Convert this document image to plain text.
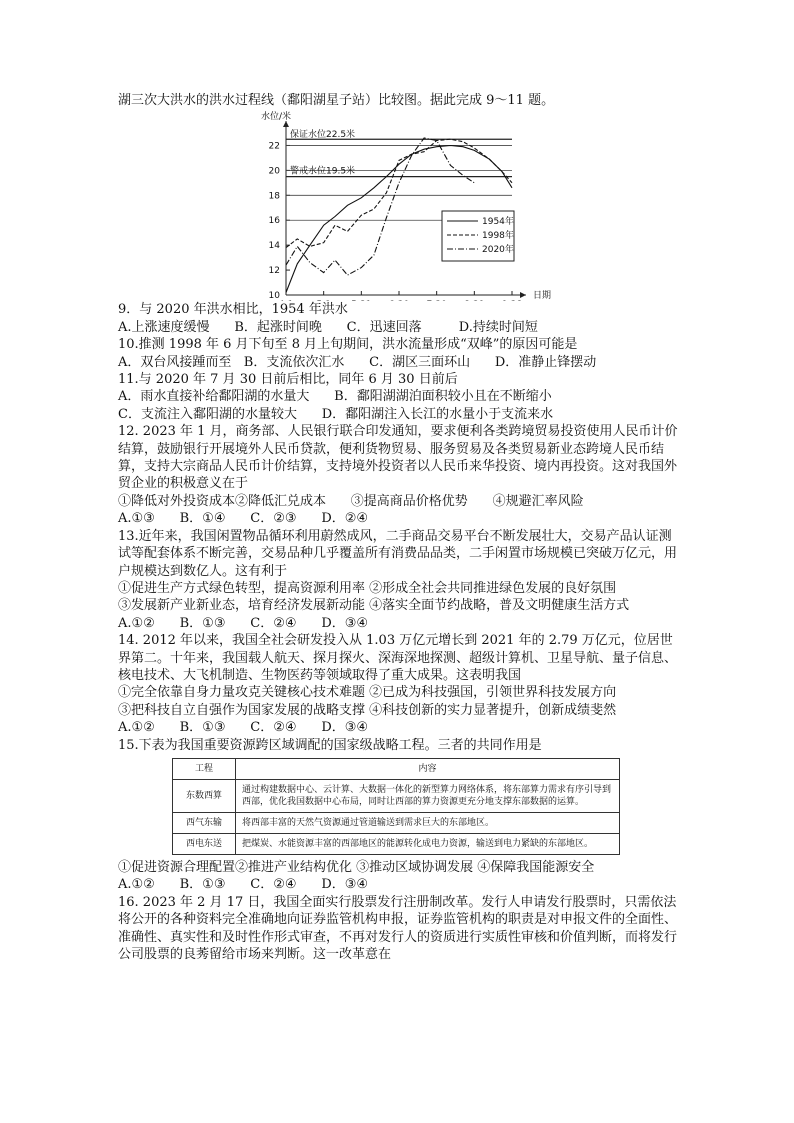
湖三次大洪水的洪水过程线（鄱阳湖星子站）比较图。据此完成 9～11 题。

水位/米
日期
10
12
14
16
18
20
22
保证水位22.5米
警戒水位19.5米
1954年
1998年
2020年

9．与 2020 年洪水相比，1954 年洪水

A.上涨速度缓慢      B．起涨时间晚      C．迅速回落         D.持续时间短

10.推测 1998 年 6 月下旬至 8 月上旬期间，洪水流量形成“双峰”的原因可能是

A．双台风接踵而至   B．支流依次汇水      C．湖区三面环山      D．准静止锋摆动

11.与 2020 年 7 月 30 日前后相比，同年 6 月 30 日前后

A．雨水直接补给鄱阳湖的水量大      B．鄱阳湖湖泊面积较小且在不断缩小

C．支流注入鄱阳湖的水量较大      D．鄱阳湖注入长江的水量小于支流来水

12. 2023 年 1 月，商务部、人民银行联合印发通知，要求便利各类跨境贸易投资使用人民币计价结算，鼓励银行开展境外人民币贷款，便利货物贸易、服务贸易及各类贸易新业态跨境人民币结算，支持大宗商品人民币计价结算，支持境外投资者以人民币来华投资、境内再投资。这对我国外贸企业的积极意义在于

①降低对外投资成本②降低汇兑成本      ③提高商品价格优势      ④规避汇率风险

A.①③      B．①④      C．②③      D．②④

13.近年来，我国闲置物品循环利用蔚然成风，二手商品交易平台不断发展壮大，交易产品认证测试等配套体系不断完善，交易品种几乎覆盖所有消费品品类，二手闲置市场规模已突破万亿元，用户规模达到数亿人。这有利于

①促进生产方式绿色转型，提高资源利用率 ②形成全社会共同推进绿色发展的良好氛围

③发展新产业新业态，培育经济发展新动能 ④落实全面节约战略，普及文明健康生活方式

A.①②      B．①③      C．②④      D．③④

14. 2012 年以来，我国全社会研发投入从 1.03 万亿元增长到 2021 年的 2.79 万亿元，位居世界第二。十年来，我国载人航天、探月探火、深海深地探测、超级计算机、卫星导航、量子信息、核电技术、大飞机制造、生物医药等领域取得了重大成果。这表明我国

①完全依靠自身力量攻克关键核心技术难题 ②已成为科技强国，引领世界科技发展方向

③把科技自立自强作为国家发展的战略支撑 ④科技创新的实力显著提升，创新成绩斐然

A.①②      B．①③      C．②④      D．③④

15.下表为我国重要资源跨区域调配的国家级战略工程。三者的共同作用是

工程	内容
东数西算	通过构建数据中心、云计算、大数据一体化的新型算力网络体系，将东部算力需求有序引导到西部，优化我国数据中心布局，同时让西部的算力资源更充分地支撑东部数据的运算。
西气东输	将西部丰富的天然气资源通过管道输送到需求巨大的东部地区。
西电东送	把煤炭、水能资源丰富的西部地区的能源转化成电力资源，输送到电力紧缺的东部地区。

①促进资源合理配置②推进产业结构优化 ③推动区域协调发展 ④保障我国能源安全

A.①②      B．①③      C．②④      D．③④

16. 2023 年 2 月 17 日，我国全面实行股票发行注册制改革。发行人申请发行股票时，只需依法将公开的各种资料完全准确地向证券监管机构申报，证券监管机构的职责是对申报文件的全面性、准确性、真实性和及时性作形式审查，不再对发行人的资质进行实质性审核和价值判断，而将发行公司股票的良莠留给市场来判断。这一改革意在
